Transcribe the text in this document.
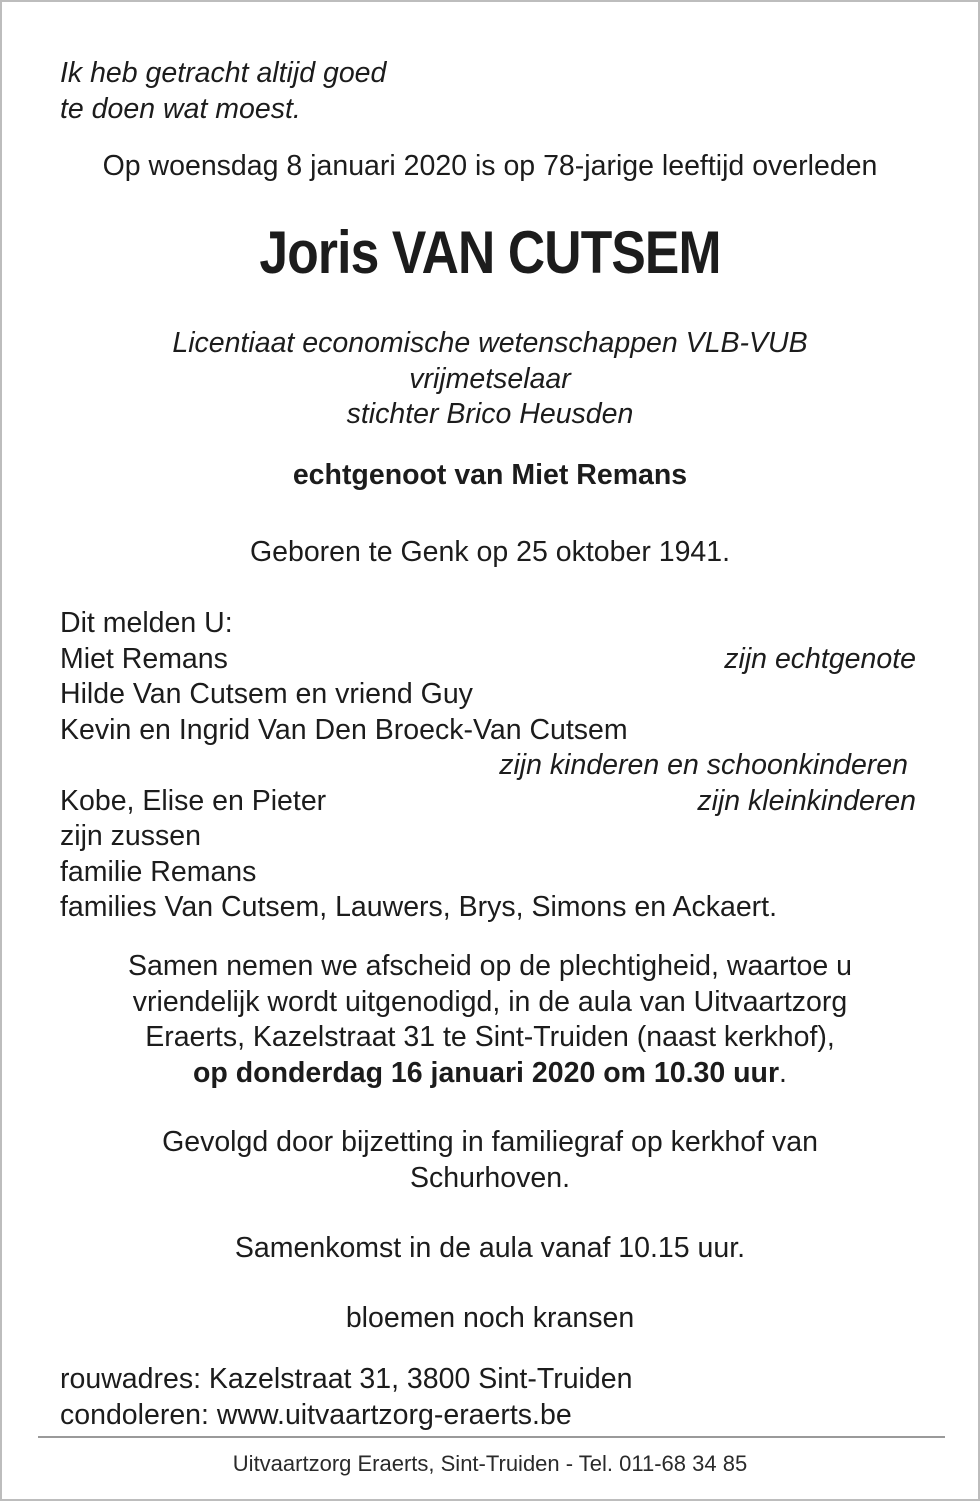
Ik heb getracht altijd goed
te doen wat moest.
Op woensdag 8 januari 2020 is op 78-jarige leeftijd overleden
Joris VAN CUTSEM
Licentiaat economische wetenschappen VLB-VUB
vrijmetselaar
stichter Brico Heusden
echtgenoot van Miet Remans
Geboren te Genk op 25 oktober 1941.
Dit melden U:
Miet Remans	zijn echtgenote
Hilde Van Cutsem en vriend Guy
Kevin en Ingrid Van Den Broeck-Van Cutsem
zijn kinderen en schoonkinderen
Kobe, Elise en Pieter	zijn kleinkinderen
zijn zussen
familie Remans
families Van Cutsem, Lauwers, Brys, Simons en Ackaert.
Samen nemen we afscheid op de plechtigheid, waartoe u
vriendelijk wordt uitgenodigd, in de aula van Uitvaartzorg
Eraerts, Kazelstraat 31 te Sint-Truiden (naast kerkhof),
op donderdag 16 januari 2020 om 10.30 uur.
Gevolgd door bijzetting in familiegraf op kerkhof van
Schurhoven.
Samenkomst in de aula vanaf 10.15 uur.
bloemen noch kransen
rouwadres: Kazelstraat 31, 3800 Sint-Truiden
condoleren: www.uitvaartzorg-eraerts.be
Uitvaartzorg Eraerts, Sint-Truiden - Tel. 011-68 34 85
